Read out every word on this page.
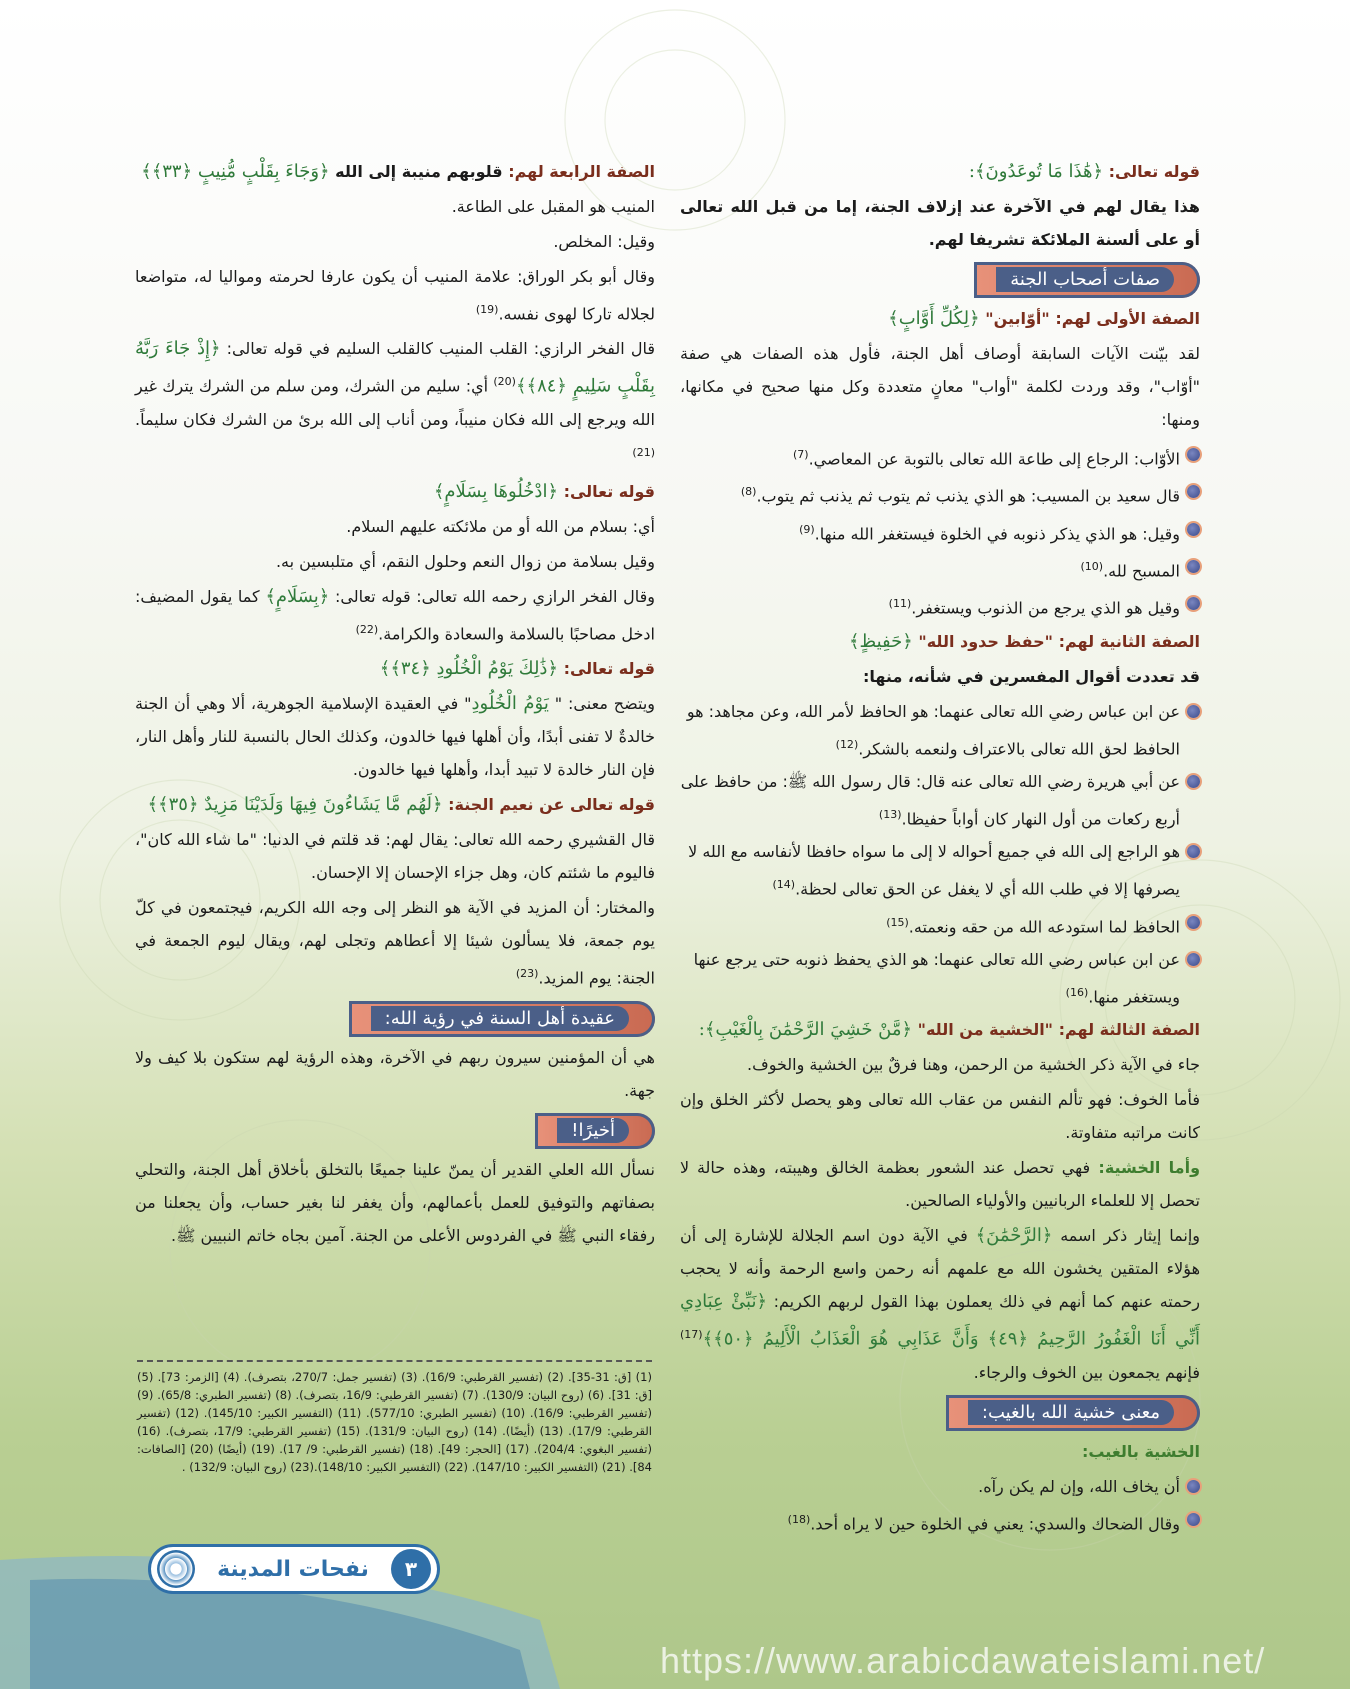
قوله تعالى: ﴿هَٰذَا مَا تُوعَدُونَ﴾:

هذا يقال لهم في الآخرة عند إزلاف الجنة، إما من قبل الله تعالى أو على ألسنة الملائكة تشريفا لهم.

صفات أصحاب الجنة

الصفة الأولى لهم: "أوّابين" ﴿لِكُلِّ أَوَّابٍ﴾

لقد بيّنت الآيات السابقة أوصاف أهل الجنة، فأول هذه الصفات هي صفة "أوّاب"، وقد وردت لكلمة "أواب" معانٍ متعددة وكل منها صحيح في مكانها، ومنها:

الأوّاب: الرجاع إلى طاعة الله تعالى بالتوبة عن المعاصي.$^{(7)}$
قال سعيد بن المسيب: هو الذي يذنب ثم يتوب ثم يذنب ثم يتوب.$^{(8)}$
وقيل: هو الذي يذكر ذنوبه في الخلوة فيستغفر الله منها.$^{(9)}$
المسبح لله.$^{(10)}$
وقيل هو الذي يرجع من الذنوب ويستغفر.$^{(11)}$

الصفة الثانية لهم: "حفظ حدود الله" ﴿حَفِيظٍ﴾

قد تعددت أقوال المفسرين في شأنه، منها:

عن ابن عباس رضي الله تعالى عنهما: هو الحافظ لأمر الله، وعن مجاهد: هو الحافظ لحق الله تعالى بالاعتراف ولنعمه بالشكر.$^{(12)}$
عن أبي هريرة رضي الله تعالى عنه قال: قال رسول الله ﷺ: من حافظ على أربع ركعات من أول النهار كان أواباً حفيظا.$^{(13)}$
هو الراجع إلى الله في جميع أحواله لا إلى ما سواه حافظا لأنفاسه مع الله لا يصرفها إلا في طلب الله أي لا يغفل عن الحق تعالى لحظة.$^{(14)}$
الحافظ لما استودعه الله من حقه ونعمته.$^{(15)}$
عن ابن عباس رضي الله تعالى عنهما: هو الذي يحفظ ذنوبه حتى يرجع عنها ويستغفر منها.$^{(16)}$

الصفة الثالثة لهم: "الخشية من الله" ﴿مَّنْ خَشِيَ الرَّحْمَٰنَ بِالْغَيْبِ﴾:

جاء في الآية ذكر الخشية من الرحمن، وهنا فرقٌ بين الخشية والخوف.

فأما الخوف: فهو تألم النفس من عقاب الله تعالى وهو يحصل لأكثر الخلق وإن كانت مراتبه متفاوتة.

وأما الخشية: فهي تحصل عند الشعور بعظمة الخالق وهيبته، وهذه حالة لا تحصل إلا للعلماء الربانيين والأولياء الصالحين.

وإنما إيثار ذكر اسمه ﴿الرَّحْمَٰنَ﴾ في الآية دون اسم الجلالة للإشارة إلى أن هؤلاء المتقين يخشون الله مع علمهم أنه رحمن واسع الرحمة وأنه لا يحجب رحمته عنهم كما أنهم في ذلك يعملون بهذا القول لربهم الكريم: ﴿نَبِّئْ عِبَادِي أَنِّي أَنَا الْغَفُورُ الرَّحِيمُ ﴿٤٩﴾ وَأَنَّ عَذَابِي هُوَ الْعَذَابُ الْأَلِيمُ ﴿٥٠﴾﴾$^{(17)}$ فإنهم يجمعون بين الخوف والرجاء.

معنى خشية الله بالغيب:

الخشية بالغيب:

أن يخاف الله، وإن لم يكن رآه.
وقال الضحاك والسدي: يعني في الخلوة حين لا يراه أحد.$^{(18)}$

الصفة الرابعة لهم: قلوبهم منيبة إلى الله ﴿وَجَاءَ بِقَلْبٍ مُّنِيبٍ ﴿٣٣﴾﴾

المنيب هو المقبل على الطاعة.

وقيل: المخلص.

وقال أبو بكر الوراق: علامة المنيب أن يكون عارفا لحرمته ومواليا له، متواضعا لجلاله تاركا لهوى نفسه.$^{(19)}$

قال الفخر الرازي: القلب المنيب كالقلب السليم في قوله تعالى: ﴿إِذْ جَاءَ رَبَّهُ بِقَلْبٍ سَلِيمٍ ﴿٨٤﴾﴾$^{(20)}$ أي: سليم من الشرك، ومن سلم من الشرك يترك غير الله ويرجع إلى الله فكان منيباً، ومن أناب إلى الله برئ من الشرك فكان سليماً.$^{(21)}$

قوله تعالى: ﴿ادْخُلُوهَا بِسَلَامٍ﴾

أي: بسلام من الله أو من ملائكته عليهم السلام.

وقيل بسلامة من زوال النعم وحلول النقم، أي متلبسين به.

وقال الفخر الرازي رحمه الله تعالى: قوله تعالى: ﴿بِسَلَامٍ﴾ كما يقول المضيف: ادخل مصاحبًا بالسلامة والسعادة والكرامة.$^{(22)}$

قوله تعالى: ﴿ذَٰلِكَ يَوْمُ الْخُلُودِ ﴿٣٤﴾﴾

ويتضح معنى: " يَوْمُ الْخُلُودِ" في العقيدة الإسلامية الجوهرية، ألا وهي أن الجنة خالدةٌ لا تفنى أبدًا، وأن أهلها فيها خالدون، وكذلك الحال بالنسبة للنار وأهل النار، فإن النار خالدة لا تبيد أبدا، وأهلها فيها خالدون.

قوله تعالى عن نعيم الجنة: ﴿لَهُم مَّا يَشَاءُونَ فِيهَا وَلَدَيْنَا مَزِيدٌ ﴿٣٥﴾﴾

قال القشيري رحمه الله تعالى: يقال لهم: قد قلتم في الدنيا: "ما شاء الله كان"، فاليوم ما شئتم كان، وهل جزاء الإحسان إلا الإحسان.

والمختار: أن المزيد في الآية هو النظر إلى وجه الله الكريم، فيجتمعون في كلّ يوم جمعة، فلا يسألون شيئا إلا أعطاهم وتجلى لهم، ويقال ليوم الجمعة في الجنة: يوم المزيد.$^{(23)}$

عقيدة أهل السنة في رؤية الله:

هي أن المؤمنين سيرون ربهم في الآخرة، وهذه الرؤية لهم ستكون بلا كيف ولا جهة.

أخيرًا!

نسأل الله العلي القدير أن يمنّ علينا جميعًا بالتخلق بأخلاق أهل الجنة، والتحلي بصفاتهم والتوفيق للعمل بأعمالهم، وأن يغفر لنا بغير حساب، وأن يجعلنا من رفقاء النبي ﷺ في الفردوس الأعلى من الجنة. آمين بجاه خاتم النبيين ﷺ.

(1) [ق: 31-35]. (2) (تفسير القرطبي: 16/9). (3) (تفسير جمل: 270/7، بتصرف). (4) [الزمر: 73]. (5) [ق: 31]. (6) (روح البيان: 130/9). (7) (تفسير القرطبي: 16/9، بتصرف). (8) (تفسير الطبري: 65/8). (9) (تفسير القرطبي: 16/9). (10) (تفسير الطبري: 577/10). (11) (التفسير الكبير: 145/10). (12) (تفسير القرطبي: 17/9). (13) (أيضًا). (14) (روح البيان: 131/9). (15) (تفسير القرطبي: 17/9، بتصرف). (16) (تفسير البغوي: 204/4). (17) [الحجر: 49]. (18) (تفسير القرطبي: 9/ 17). (19) (أيضًا) (20) [الصافات: 84]. (21) (التفسير الكبير: 147/10). (22) (التفسير الكبير: 148/10).(23) (روح البيان: 132/9) .
٣
نفحات المدينة
https://www.arabicdawateislami.net/
